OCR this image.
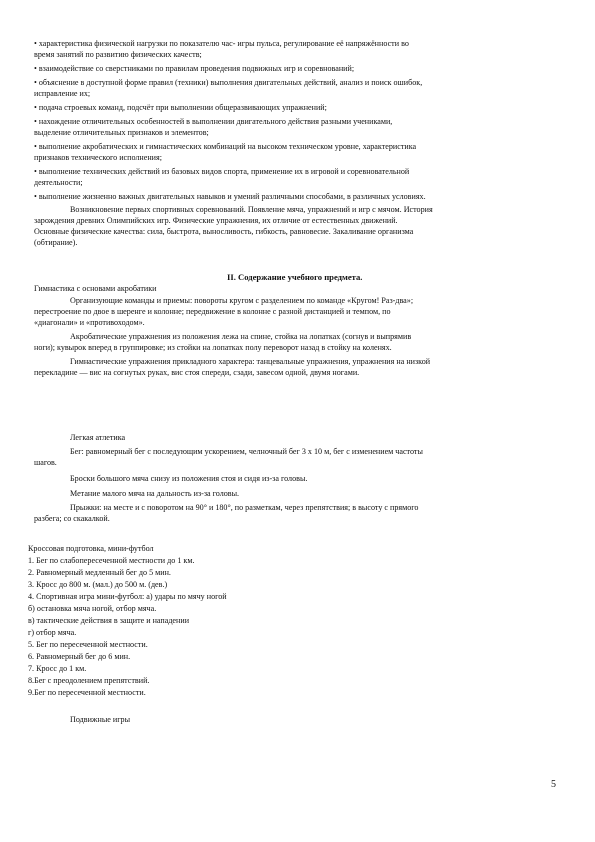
• характеристика физической нагрузки по показателю час- игры пульса, регулирование её напряжённости во
время занятий по развитию физических качеств;
• взаимодействие со сверстниками по правилам проведения подвижных игр и соревнований;
• объяснение в доступной форме правил (техники) выполнения двигательных действий, анализ и поиск ошибок,
исправление их;
• подача строевых команд, подсчёт при выполнении общеразвивающих упражнений;
• нахождение отличительных особенностей в выполнении двигательного действия разными учениками,
выделение отличительных признаков и элементов;
• выполнение акробатических и гимнастических комбинаций на высоком техническом уровне, характеристика
признаков технического исполнения;
• выполнение технических действий из базовых видов спорта, применение их в игровой и соревновательной
деятельности;
• выполнение жизненно важных двигательных навыков и умений различными способами, в различных условиях.
Возникновение первых спортивных соревнований. Появление мяча, упражнений и игр с мячом. История
зарождения древних Олимпийских игр. Физические упражнения, их отличие от естественных движений.
Основные физические качества: сила, быстрота, выносливость, гибкость, равновесие. Закаливание организма
(обтирание).
II. Содержание учебного предмета.
Гимнастика с основами акробатики
Организующие команды и приемы: повороты кругом с разделением по команде «Кругом! Раз-два»;
перестроение по двое в шеренге и колонне; передвижение в колонне с разной дистанцией и темпом, по
«диагонали» и «противоходом».
Акробатические упражнения из положения лежа на спине, стойка на лопатках (согнув и выпрямив
ноги); кувырок вперед в группировке; из стойки на лопатках полу переворот назад в стойку на коленях.
Гимнастические упражнения прикладного характера: танцевальные упражнения, упражнения на низкой
перекладине — вис на согнутых руках, вис стоя спереди, сзади, завесом одной, двумя ногами.
Легкая атлетика
Бег: равномерный бег с последующим ускорением, челночный бег 3 х 10 м, бег с изменением частоты
шагов.
Броски большого мяча снизу из положения стоя и сидя из-за головы.
Метание малого мяча на дальность из-за головы.
Прыжки: на месте и с поворотом на 90° и 180°, по разметкам, через препятствия; в высоту с прямого
разбега; со скакалкой.
Кроссовая подготовка, мини-футбол
1. Бег по слабопересеченной местности до 1 км.
2. Равномерный медленный бег до 5 мин.
3. Кросс до 800 м. (мал.) до 500 м. (дев.)
4. Спортивная игра мини-футбол: а) удары по мячу ногой
б) остановка мяча ногой, отбор мяча.
в) тактические действия в защите и нападении
г) отбор мяча.
5. Бег по пересеченной местности.
6. Равномерный бег до 6 мин.
7. Кросс до 1 км.
8.Бег с преодолением препятствий.
9.Бег по пересеченной местности.
Подвижные игры
5
